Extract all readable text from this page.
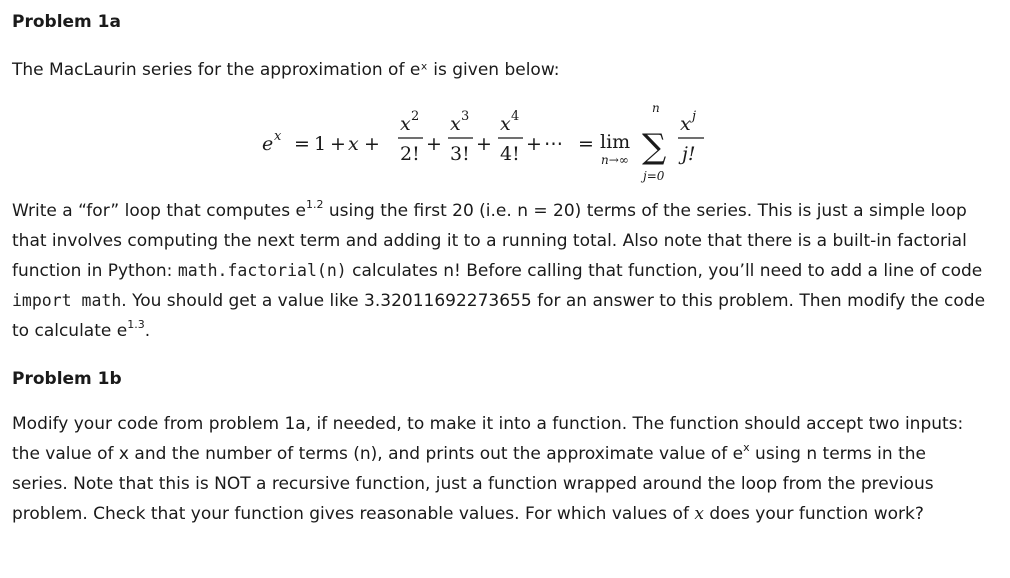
Problem 1a

The MacLaurin series for the approximation of eˣ is given below:

e x = 1 + x +
x 2
2! +
x 3
3! +
x 4
4! + ⋯ = lim
n→∞
n
∑
j=0
x j
j!

Write a “for” loop that computes $e^{1.2}$ using the first 20 (i.e. n = 20) terms of the series. This is just a simple loop that involves computing the next term and adding it to a running total. Also note that there is a built-in factorial function in Python: math.factorial(n) calculates n! Before calling that function, you’ll need to add a line of code import math. You should get a value like 3.32011692273655 for an answer to this problem. Then modify the code to calculate $e^{1.3}$.

Problem 1b

Modify your code from problem 1a, if needed, to make it into a function. The function should accept two inputs: the value of x and the number of terms (n), and prints out the approximate value of $e^x$ using n terms in the series. Note that this is NOT a recursive function, just a function wrapped around the loop from the previous problem. Check that your function gives reasonable values. For which values of x does your function work?
